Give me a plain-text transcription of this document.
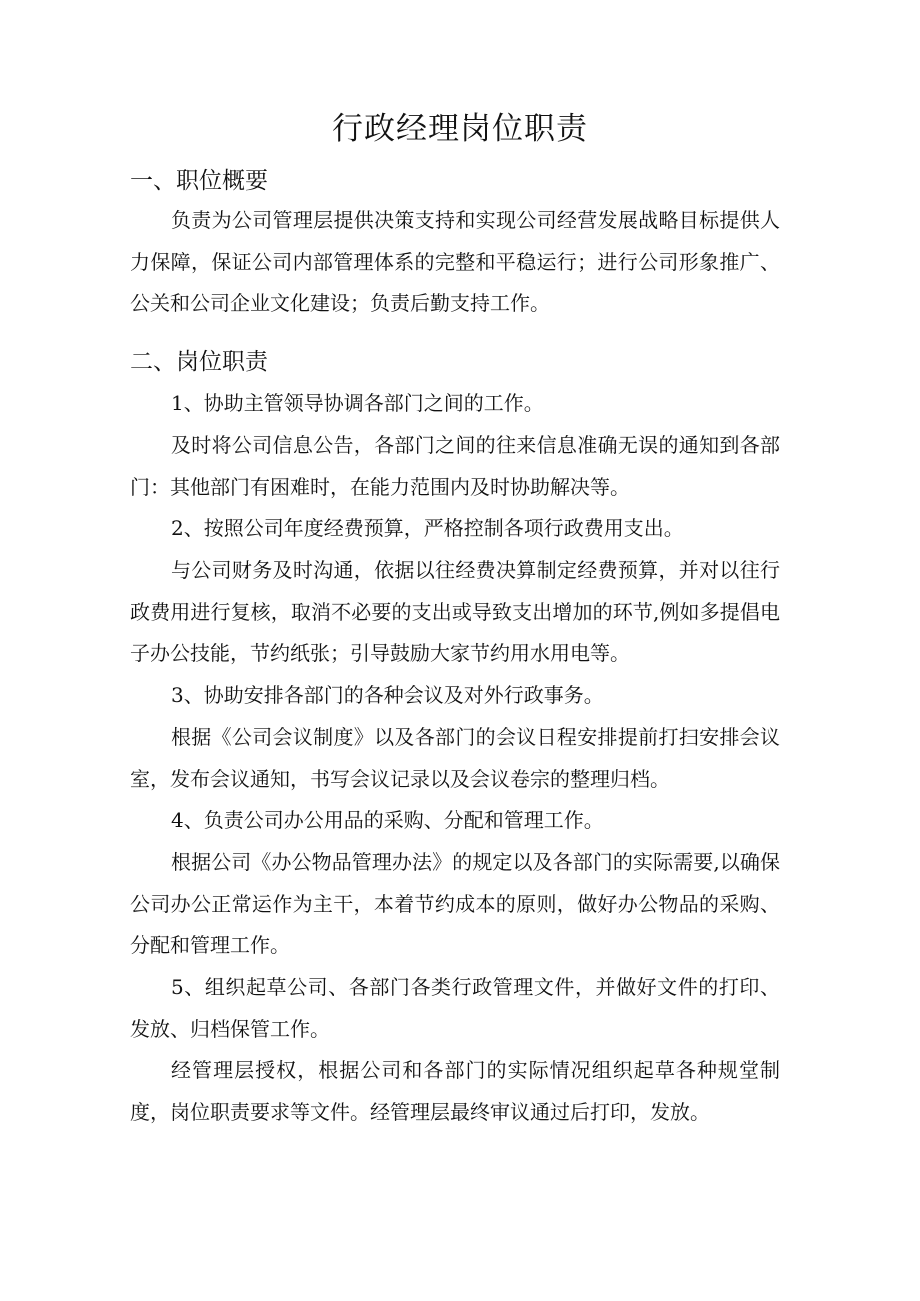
行政经理岗位职责
一、职位概要

负责为公司管理层提供决策支持和实现公司经营发展战略目标提供人力保障，保证公司内部管理体系的完整和平稳运行；进行公司形象推广、公关和公司企业文化建设；负责后勤支持工作。

二、岗位职责

1、协助主管领导协调各部门之间的工作。

及时将公司信息公告，各部门之间的往来信息准确无误的通知到各部门：其他部门有困难时，在能力范围内及时协助解决等。

2、按照公司年度经费预算，严格控制各项行政费用支出。

与公司财务及时沟通，依据以往经费决算制定经费预算，并对以往行政费用进行复核，取消不必要的支出或导致支出增加的环节,例如多提倡电子办公技能，节约纸张；引导鼓励大家节约用水用电等。

3、协助安排各部门的各种会议及对外行政事务。

根据《公司会议制度》以及各部门的会议日程安排提前打扫安排会议室，发布会议通知，书写会议记录以及会议卷宗的整理归档。

4、负责公司办公用品的采购、分配和管理工作。

根据公司《办公物品管理办法》的规定以及各部门的实际需要,以确保公司办公正常运作为主干，本着节约成本的原则，做好办公物品的采购、分配和管理工作。

5、组织起草公司、各部门各类行政管理文件，并做好文件的打印、发放、归档保管工作。

经管理层授权，根据公司和各部门的实际情况组织起草各种规堂制度，岗位职责要求等文件。经管理层最终审议通过后打印，发放。
